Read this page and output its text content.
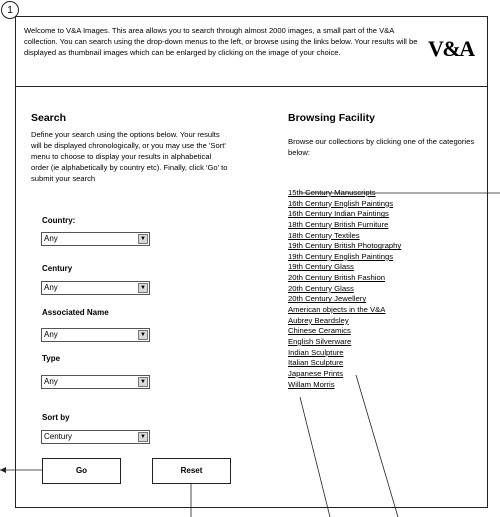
1
Welcome to V&A Images. This area allows you to search through almost 2000 images, a small part of the V&A collection. You can search using the drop-down menus to the left, or browse using the links below. Your results will be displayed as thumbnail images which can be enlarged by clicking on the image of your choice.	V&A
Search
Define your search using the options below. Your results will be displayed chronologically, or you may use the 'Sort' menu to choose to display your results in alphabetical order (ie alphabetically by country etc). Finally, click 'Go' to submit your search
Country:
Any	▼
Century
Any	▼
Associated Name
Any	▼
Type
Any	▼
Sort by
Century	▼
Go	Reset
Browsing Facility
Browse our collections by clicking one of the categories below:
15th Century Manuscripts
16th Century English Paintings
16th Century Indian Paintings
18th Century British Furniture
18th Century Textiles
19th Century British Photography
19th Century English Paintings
19th Century Glass
20th Century British Fashion
20th Century Glass
20th Century Jewellery
American objects in the V&A
Aubrey Beardsley
Chinese Ceramics
English Silverware
Indian Sculpture
Italian Sculpture
Japanese Prints
Willam Morris
